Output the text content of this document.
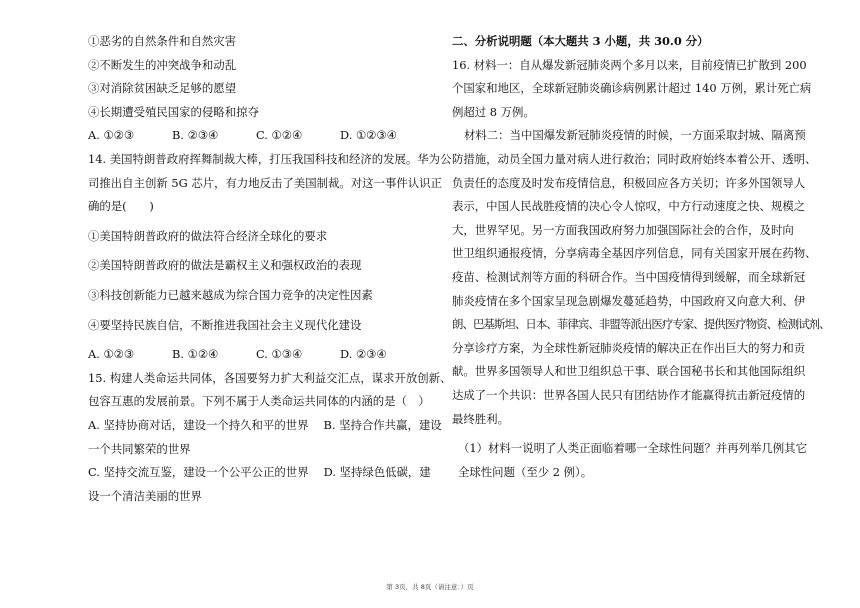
①恶劣的自然条件和自然灾害
②不断发生的冲突战争和动乱
③对消除贫困缺乏足够的愿望
④长期遭受殖民国家的侵略和掠夺
A. ①②③	B. ②③④	C. ①②④	D. ①②③④
14. 美国特朗普政府挥舞制裁大棒，打压我国科技和经济的发展。华为公
司推出自主创新 5G 芯片，有力地反击了美国制裁。对这一事件认识正
确的是(　　)
①美国特朗普政府的做法符合经济全球化的要求
②美国特朗普政府的做法是霸权主义和强权政治的表现
③科技创新能力已越来越成为综合国力竞争的决定性因素
④要坚持民族自信，不断推进我国社会主义现代化建设
A. ①②③	B. ①②④	C. ①③④	D. ②③④
15. 构建人类命运共同体，各国要努力扩大利益交汇点，谋求开放创新、
包容互惠的发展前景。下列不属于人类命运共同体的内涵的是（　）
A. 坚持协商对话，建设一个持久和平的世界　 B. 坚持合作共赢，建设
一个共同繁荣的世界
C. 坚持交流互鉴，建设一个公平公正的世界　 D. 坚持绿色低碳，建
设一个清洁美丽的世界
二、分析说明题（本大题共 3 小题，共 30.0 分）
16. 材料一：自从爆发新冠肺炎两个多月以来，目前疫情已扩散到 200
个国家和地区，全球新冠肺炎确诊病例累计超过 140 万例，累计死亡病
例超过 8 万例。
材料二：当中国爆发新冠肺炎疫情的时候，一方面采取封城、隔离预
防措施，动员全国力量对病人进行救治；同时政府始终本着公开、透明、
负责任的态度及时发布疫情信息，积极回应各方关切；许多外国领导人
表示，中国人民战胜疫情的决心令人惊叹，中方行动速度之快、规模之
大，世界罕见。另一方面我国政府努力加强国际社会的合作，及时向
世卫组织通报疫情，分享病毒全基因序列信息，同有关国家开展在药物、
疫苗、检测试剂等方面的科研合作。当中国疫情得到缓解，而全球新冠
肺炎疫情在多个国家呈现急剧爆发蔓延趋势，中国政府又向意大利、伊
朗、巴基斯坦、日本、菲律宾、非盟等派出医疗专家、提供医疗物资、检测试剂、
分享诊疗方案，为全球性新冠肺炎疫情的解决正在作出巨大的努力和贡
献。世界多国领导人和世卫组织总干事、联合国秘书长和其他国际组织
达成了一个共识：世界各国人民只有团结协作才能赢得抗击新冠疫情的
最终胜利。
（1）材料一说明了人类正面临着哪一全球性问题？并再列举几例其它
全球性问题（至少 2 例）。
第 3页，共 8页（请注意：）页
